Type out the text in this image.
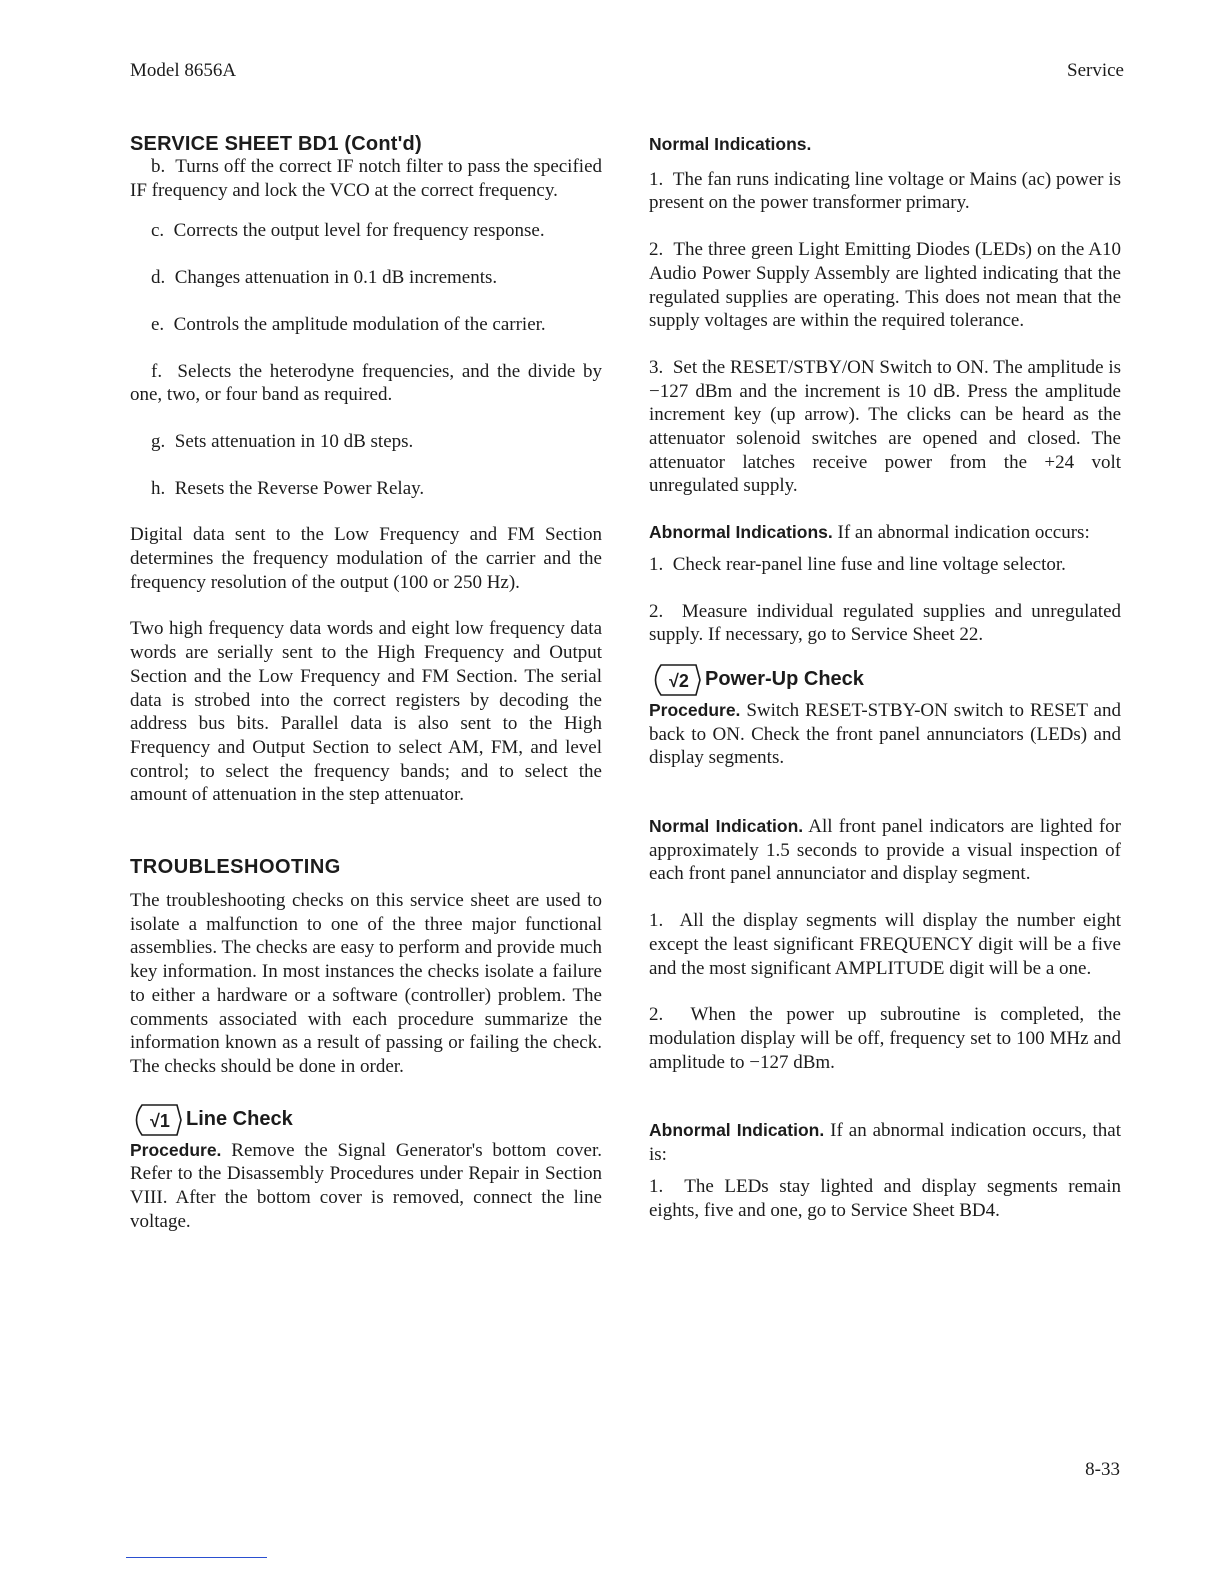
Model 8656A	Service
SERVICE SHEET BD1 (Cont'd)

b.  Turns off the correct IF notch filter to pass the specified IF frequency and lock the VCO at the correct frequency.

c.  Corrects the output level for frequency response.

d.  Changes attenuation in 0.1 dB increments.

e.  Controls the amplitude modulation of the carrier.

f.  Selects the heterodyne frequencies, and the divide by one, two, or four band as required.

g.  Sets attenuation in 10 dB steps.

h.  Resets the Reverse Power Relay.

Digital data sent to the Low Frequency and FM Section determines the frequency modulation of the carrier and the frequency resolution of the output (100 or 250 Hz).

Two high frequency data words and eight low frequency data words are serially sent to the High Frequency and Output Section and the Low Frequency and FM Section. The serial data is strobed into the correct registers by decoding the address bus bits. Parallel data is also sent to the High Frequency and Output Section to select AM, FM, and level control; to select the frequency bands; and to select the amount of attenuation in the step attenuator.

TROUBLESHOOTING

The troubleshooting checks on this service sheet are used to isolate a malfunction to one of the three major functional assemblies. The checks are easy to perform and provide much key information. In most instances the checks isolate a failure to either a hardware or a software (controller) problem. The comments associated with each procedure summarize the information known as a result of passing or failing the check. The checks should be done in order.

√1 Line Check

Procedure. Remove the Signal Generator's bottom cover. Refer to the Disassembly Procedures under Repair in Section VIII. After the bottom cover is removed, connect the line voltage.

Normal Indications.

1.  The fan runs indicating line voltage or Mains (ac) power is present on the power transformer primary.

2.  The three green Light Emitting Diodes (LEDs) on the A10 Audio Power Supply Assembly are lighted indicating that the regulated supplies are operating. This does not mean that the supply voltages are within the required tolerance.

3.  Set the RESET/STBY/ON Switch to ON. The amplitude is −127 dBm and the increment is 10 dB. Press the amplitude increment key (up arrow). The clicks can be heard as the attenuator solenoid switches are opened and closed. The attenuator latches receive power from the +24 volt unregulated supply.

Abnormal Indications. If an abnormal indication occurs:

1.  Check rear-panel line fuse and line voltage selector.

2.  Measure individual regulated supplies and unregulated supply. If necessary, go to Service Sheet 22.

√2 Power-Up Check

Procedure. Switch RESET-STBY-ON switch to RESET and back to ON. Check the front panel annunciators (LEDs) and display segments.

Normal Indication. All front panel indicators are lighted for approximately 1.5 seconds to provide a visual inspection of each front panel annunciator and display segment.

1.  All the display segments will display the number eight except the least significant FREQUENCY digit will be a five and the most significant AMPLITUDE digit will be a one.

2.  When the power up subroutine is completed, the modulation display will be off, frequency set to 100 MHz and amplitude to −127 dBm.

Abnormal Indication. If an abnormal indication occurs, that is:

1.  The LEDs stay lighted and display segments remain eights, five and one, go to Service Sheet BD4.

8-33
